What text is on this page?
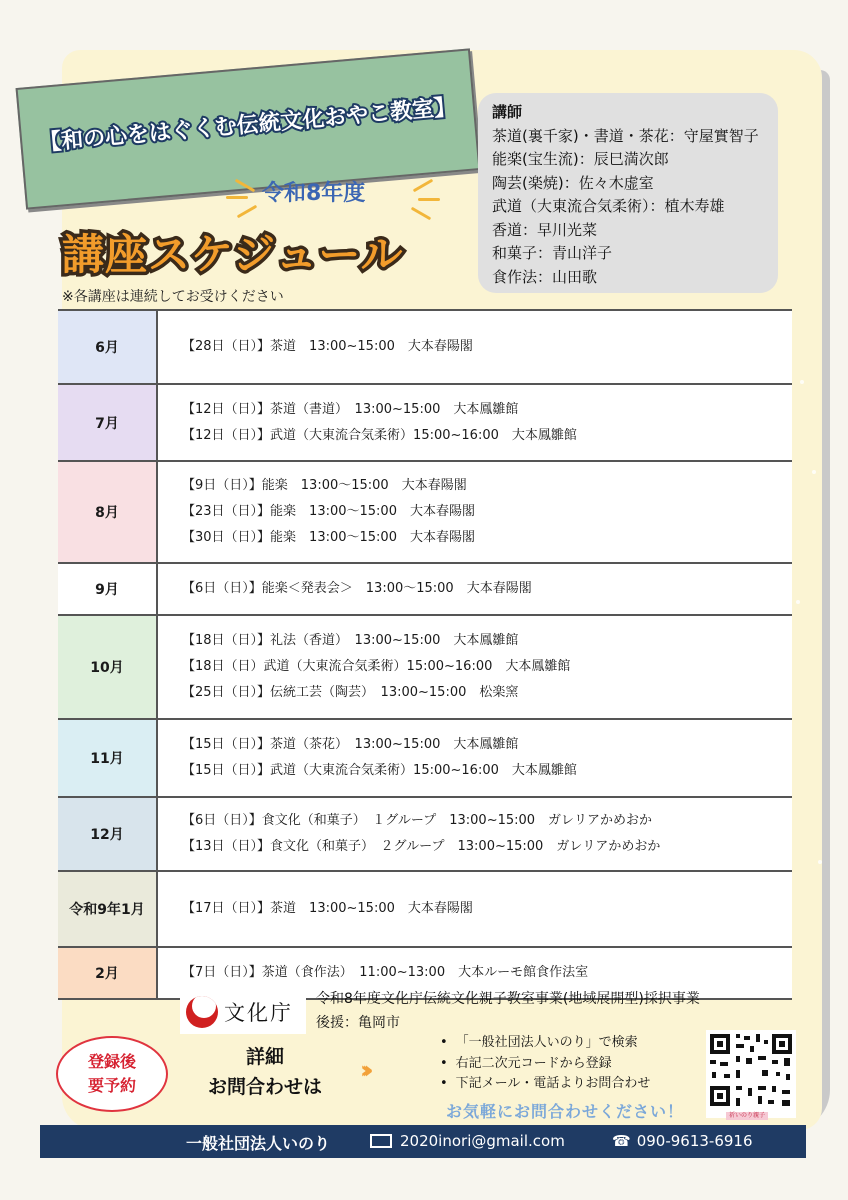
【和の心をはぐくむ伝統文化おやこ教室】
令和8年度
講座スケジュール
※各講座は連続してお受けください
講師
茶道(裏千家)・書道・茶花：守屋實智子
能楽(宝生流)：辰巳満次郎
陶芸(楽焼)：佐々木虚室
武道（大東流合気柔術）：植木寿雄
香道：早川光菜
和菓子：青山洋子
食作法：山田歌
6月	【28日（日）】茶道　13:00~15:00　大本春陽閣
7月
【12日（日）】茶道（書道）　13:00~15:00　大本鳳雛館
【12日（日）】武道（大東流合気柔術）15:00~16:00　大本鳳雛館
8月
【9日（日）】能楽　13:00～15:00　大本春陽閣
【23日（日）】能楽　13:00～15:00　大本春陽閣
【30日（日）】能楽　13:00～15:00　大本春陽閣
9月	【6日（日）】能楽＜発表会＞　13:00～15:00　大本春陽閣
10月
【18日（日）】礼法（香道）　13:00~15:00　大本鳳雛館
【18日（日）武道（大東流合気柔術）15:00~16:00　大本鳳雛館
【25日（日）】伝統工芸（陶芸）　13:00~15:00　松楽窯
11月
【15日（日）】茶道（茶花）　13:00~15:00　大本鳳雛館
【15日（日）】武道（大東流合気柔術）15:00~16:00　大本鳳雛館
12月
【6日（日）】食文化（和菓子）　１グループ　13:00~15:00　ガレリアかめおか
【13日（日）】食文化（和菓子）　２グループ　13:00~15:00　ガレリアかめおか
令和9年1月	【17日（日）】茶道　13:00~15:00　大本春陽閣
2月	【7日（日）】茶道（食作法）　11:00~13:00　大本ルーモ館食作法室
文化庁
令和8年度文化庁伝統文化親子教室事業(地域展開型)採択事業
後援：亀岡市
登録後
要予約
詳細
お問合わせは
›››
• 「一般社団法人いのり」で検索
• 右記二次元コードから登録
• 下記メール・電話よりお問合わせ
お気軽にお問合わせください！	祈いのり親子
一般社団法人いのり	2020inori@gmail.com	☎ 090-9613-6916
